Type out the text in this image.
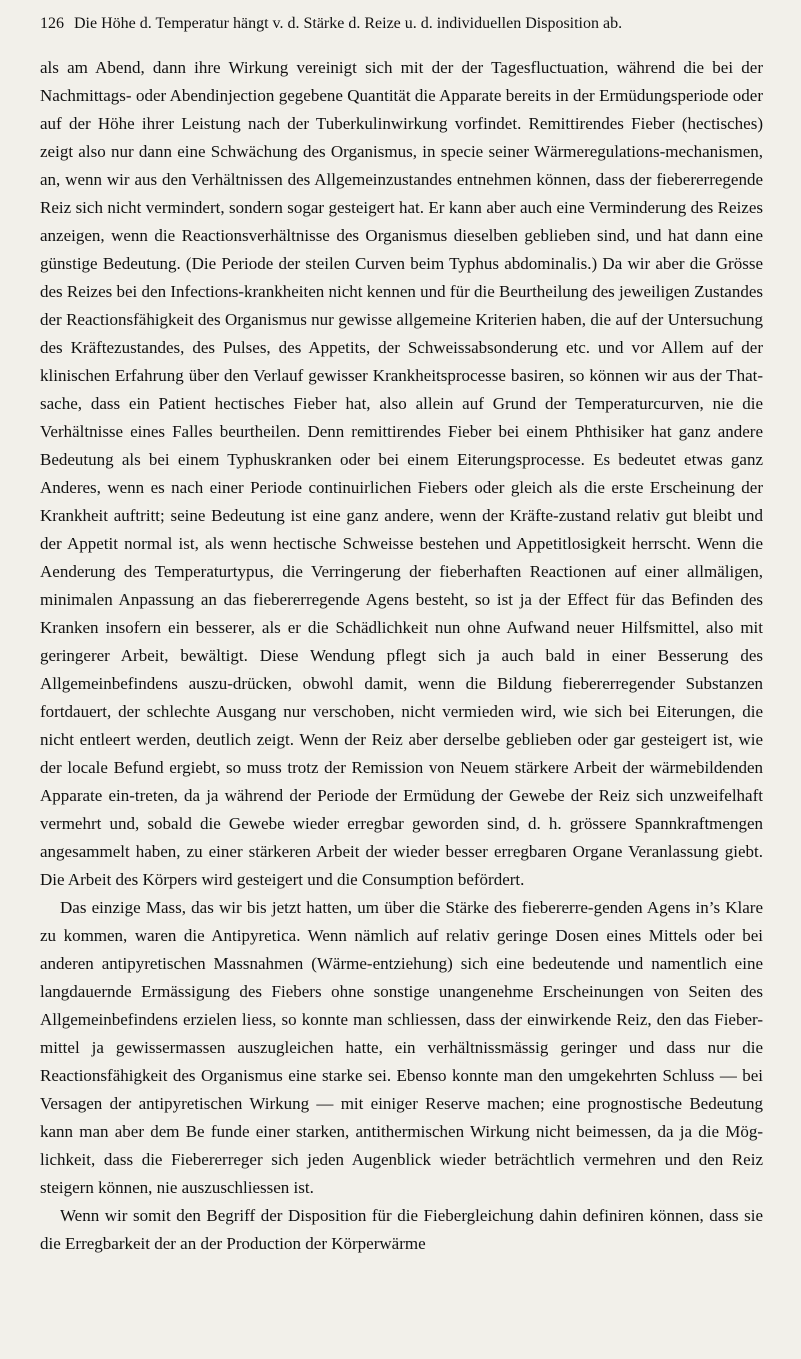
126 Die Höhe d. Temperatur hängt v. d. Stärke d. Reize u. d. individuellen Disposition ab.

als am Abend, dann ihre Wirkung vereinigt sich mit der der Tagesfluctuation, während die bei der Nachmittags- oder Abendinjection gegebene Quantität die Apparate bereits in der Ermüdungsperiode oder auf der Höhe ihrer Leistung nach der Tuberkulinwirkung vorfindet. Remittirendes Fieber (hectisches) zeigt also nur dann eine Schwächung des Organismus, in specie seiner Wärmeregulations-mechanismen, an, wenn wir aus den Verhältnissen des Allgemeinzustandes entnehmen können, dass der fiebererregende Reiz sich nicht vermindert, sondern sogar gesteigert hat. Er kann aber auch eine Verminderung des Reizes anzeigen, wenn die Reactionsverhältnisse des Organismus dieselben geblieben sind, und hat dann eine günstige Bedeutung. (Die Periode der steilen Curven beim Typhus abdominalis.) Da wir aber die Grösse des Reizes bei den Infections-krankheiten nicht kennen und für die Beurtheilung des jeweiligen Zustandes der Reactionsfähigkeit des Organismus nur gewisse allgemeine Kriterien haben, die auf der Untersuchung des Kräftezustandes, des Pulses, des Appetits, der Schweissabsonderung etc. und vor Allem auf der klinischen Erfahrung über den Verlauf gewisser Krankheitsprocesse basiren, so können wir aus der That-sache, dass ein Patient hectisches Fieber hat, also allein auf Grund der Temperaturcurven, nie die Verhältnisse eines Falles beurtheilen. Denn remittirendes Fieber bei einem Phthisiker hat ganz andere Bedeutung als bei einem Typhuskranken oder bei einem Eiterungsprocesse. Es bedeutet etwas ganz Anderes, wenn es nach einer Periode continuirlichen Fiebers oder gleich als die erste Erscheinung der Krankheit auftritt; seine Bedeutung ist eine ganz andere, wenn der Kräfte-zustand relativ gut bleibt und der Appetit normal ist, als wenn hectische Schweisse bestehen und Appetitlosigkeit herrscht. Wenn die Aenderung des Temperaturtypus, die Verringerung der fieberhaften Reactionen auf einer allmäligen, minimalen Anpassung an das fiebererregende Agens besteht, so ist ja der Effect für das Befinden des Kranken insofern ein besserer, als er die Schädlichkeit nun ohne Aufwand neuer Hilfsmittel, also mit geringerer Arbeit, bewältigt. Diese Wendung pflegt sich ja auch bald in einer Besserung des Allgemeinbefindens auszu-drücken, obwohl damit, wenn die Bildung fiebererregender Substanzen fortdauert, der schlechte Ausgang nur verschoben, nicht vermieden wird, wie sich bei Eiterungen, die nicht entleert werden, deutlich zeigt. Wenn der Reiz aber derselbe geblieben oder gar gesteigert ist, wie der locale Befund ergiebt, so muss trotz der Remission von Neuem stärkere Arbeit der wärmebildenden Apparate ein-treten, da ja während der Periode der Ermüdung der Gewebe der Reiz sich unzweifelhaft vermehrt und, sobald die Gewebe wieder erregbar geworden sind, d. h. grössere Spannkraftmengen angesammelt haben, zu einer stärkeren Arbeit der wieder besser erregbaren Organe Veranlassung giebt. Die Arbeit des Körpers wird gesteigert und die Consumption befördert.

Das einzige Mass, das wir bis jetzt hatten, um über die Stärke des fiebererre-genden Agens in’s Klare zu kommen, waren die Antipyretica. Wenn nämlich auf relativ geringe Dosen eines Mittels oder bei anderen antipyretischen Massnahmen (Wärme-entziehung) sich eine bedeutende und namentlich eine langdauernde Ermässigung des Fiebers ohne sonstige unangenehme Erscheinungen von Seiten des Allgemeinbefindens erzielen liess, so konnte man schliessen, dass der einwirkende Reiz, den das Fieber-mittel ja gewissermassen auszugleichen hatte, ein verhältnissmässig geringer und dass nur die Reactionsfähigkeit des Organismus eine starke sei. Ebenso konnte man den umgekehrten Schluss — bei Versagen der antipyretischen Wirkung — mit einiger Reserve machen; eine prognostische Bedeutung kann man aber dem Be funde einer starken, antithermischen Wirkung nicht beimessen, da ja die Mög-lichkeit, dass die Fiebererreger sich jeden Augenblick wieder beträchtlich vermehren und den Reiz steigern können, nie auszuschliessen ist.

Wenn wir somit den Begriff der Disposition für die Fiebergleichung dahin definiren können, dass sie die Erregbarkeit der an der Production der Körperwärme
